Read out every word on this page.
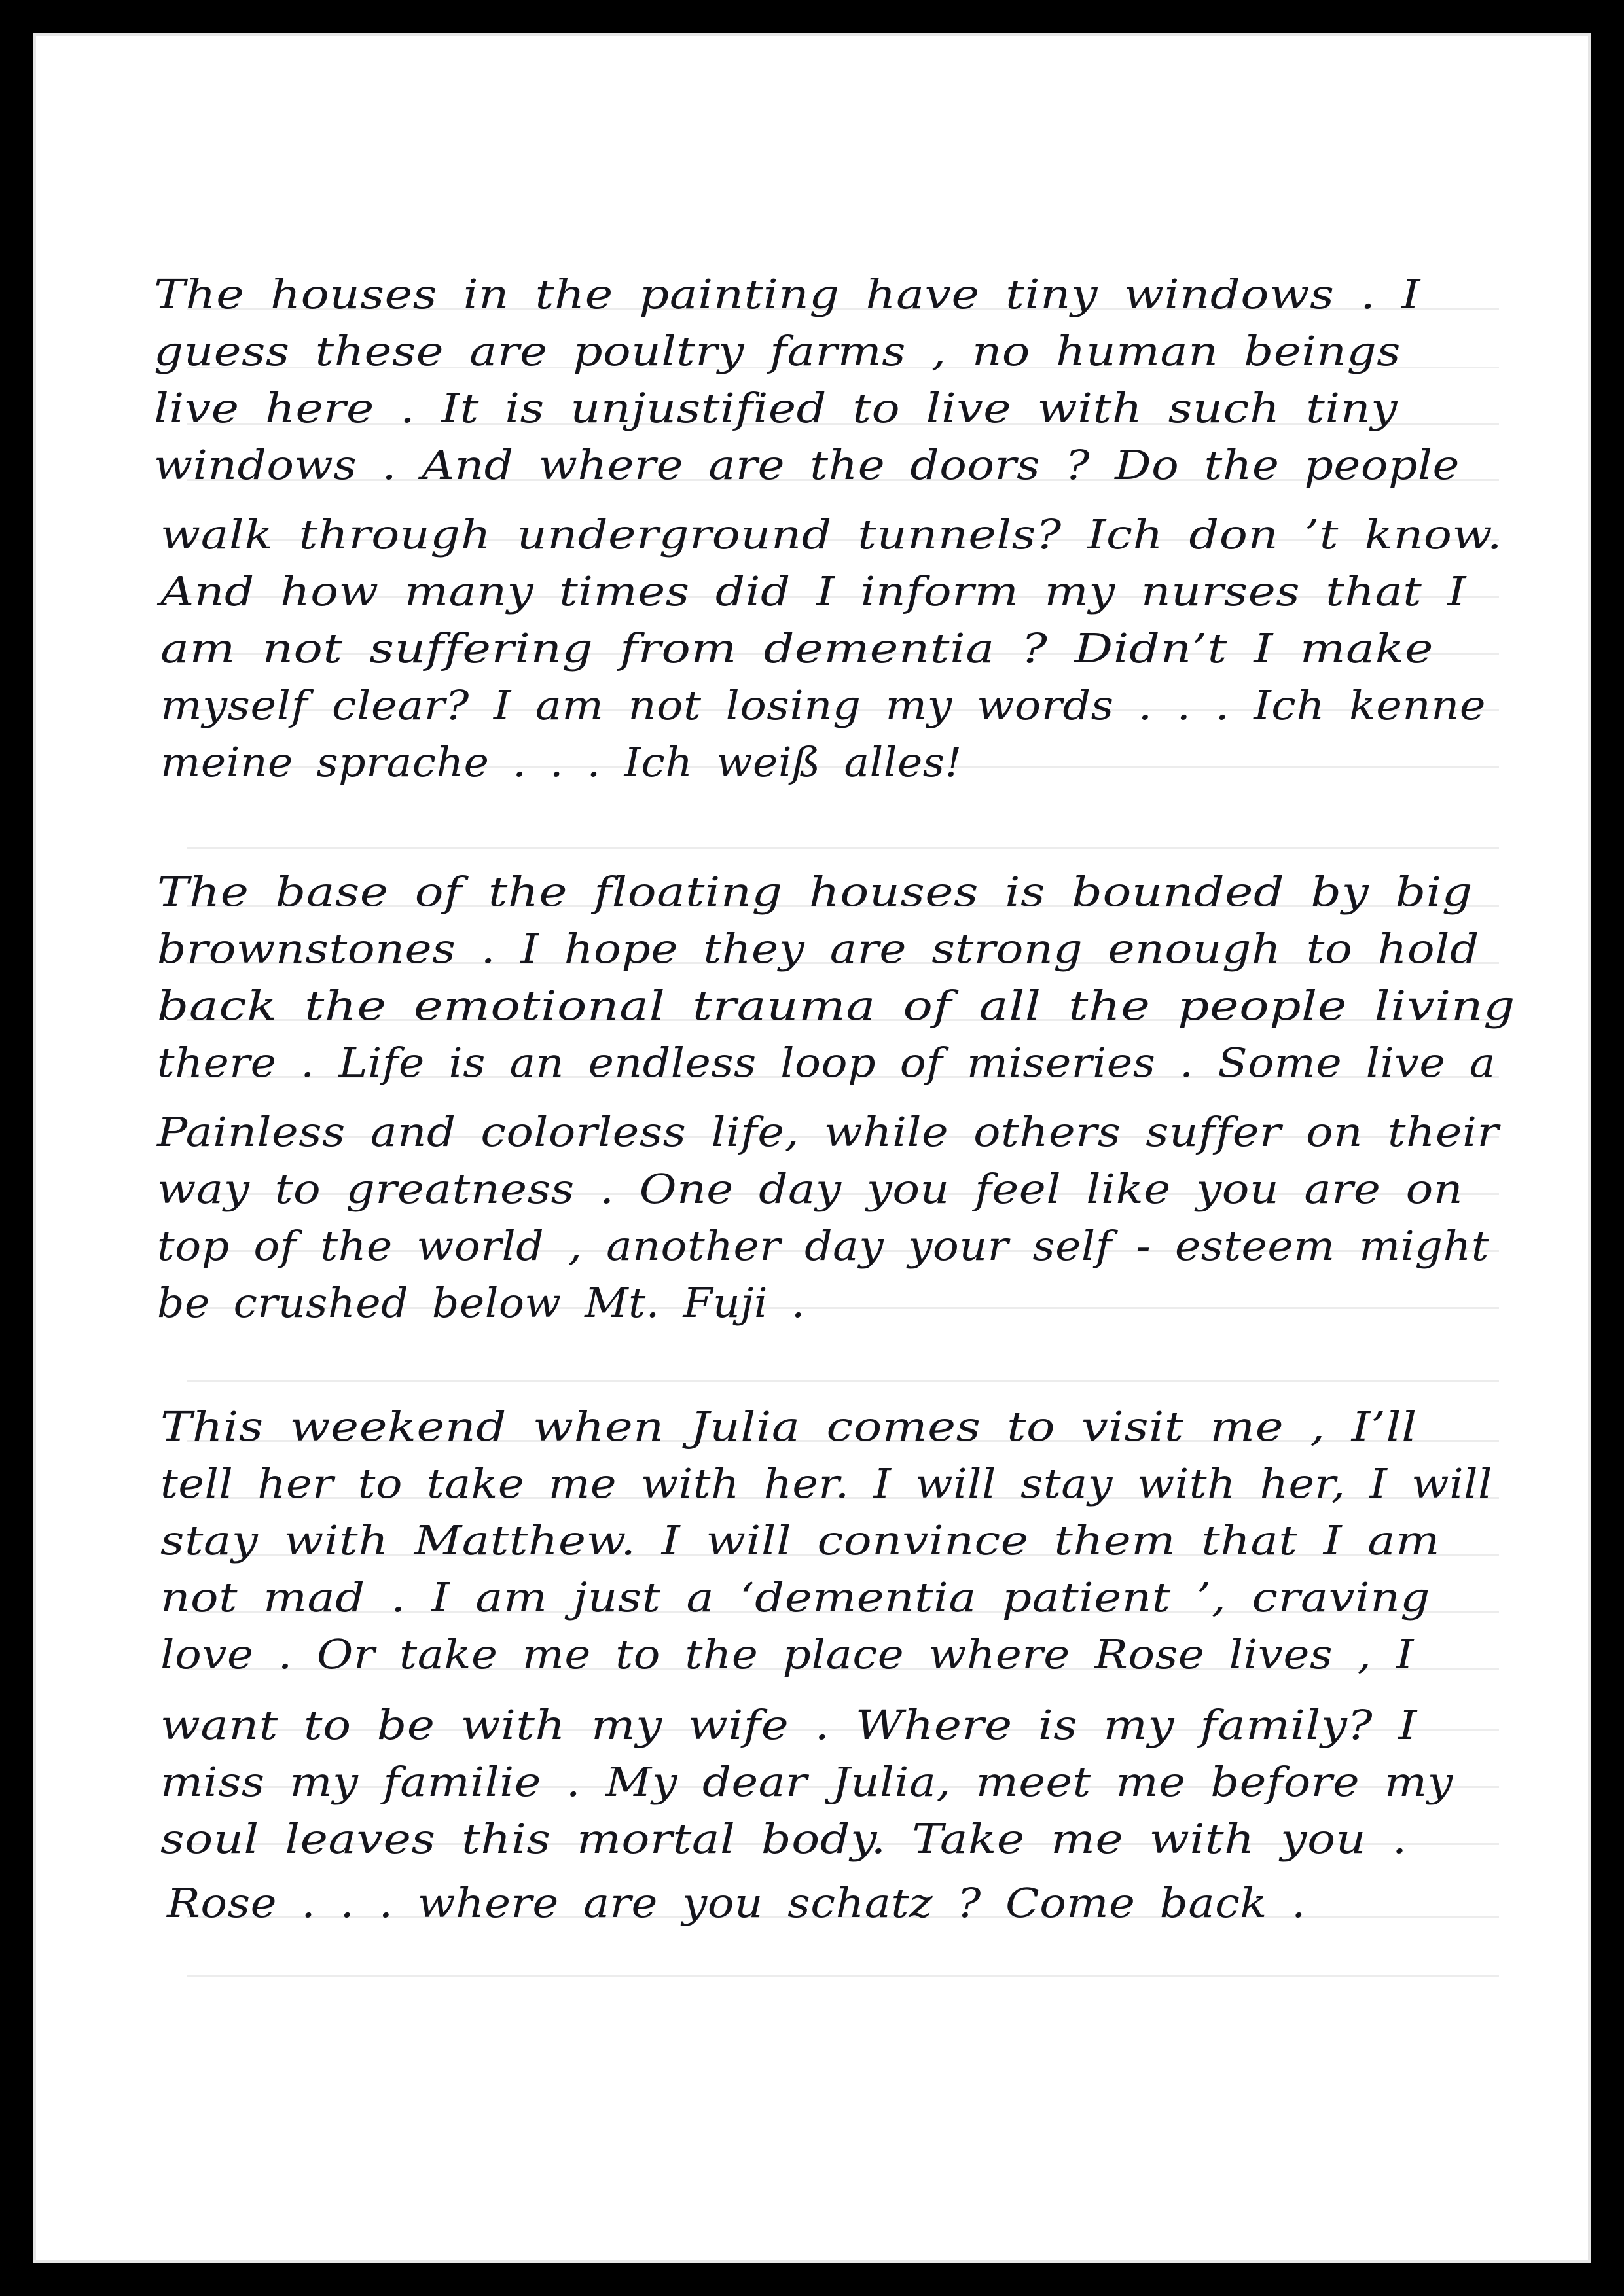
The houses in the painting have tiny windows . I
guess these are poultry farms , no human beings
live here . It is unjustified to live with such tiny
windows . And where are the doors ? Do the people
walk through underground tunnels? Ich don ’t know.
And how many times did I inform my nurses that I
am not suffering from dementia ? Didn’t I make
myself clear? I am not losing my words . . . Ich kenne
meine sprache . . . Ich weiß alles!
The base of the floating houses is bounded by big
brownstones . I hope they are strong enough to hold
back the emotional trauma of all the people living
there . Life is an endless loop of miseries . Some live a
Painless and colorless life, while others suffer on their
way to greatness . One day you feel like you are on
top of the world , another day your self - esteem might
be crushed below Mt. Fuji .
This weekend when Julia comes to visit me , I’ll
tell her to take me with her. I will stay with her, I will
stay with Matthew. I will convince them that I am
not mad . I am just a ‘dementia patient ’, craving
love . Or take me to the place where Rose lives , I
want to be with my wife . Where is my family? I
miss my familie . My dear Julia, meet me before my
soul leaves this mortal body. Take me with you .
Rose . . . where are you schatz ? Come back .
